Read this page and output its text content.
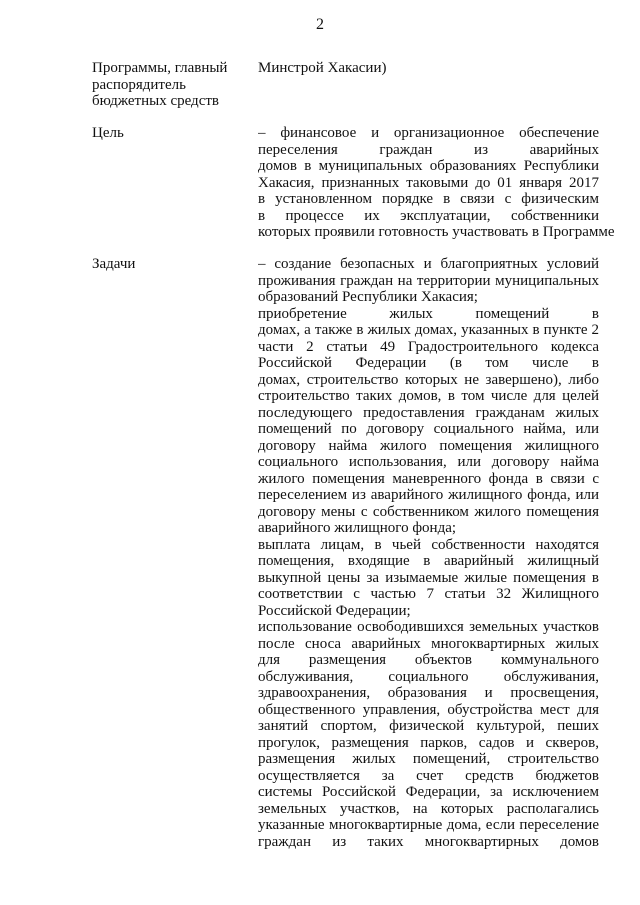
2
Программы, главный
распорядитель
бюджетных средств
Минстрой Хакасии)
Цель	– финансовое и организационное обеспечение
переселения граждан из аварийных
домов в муниципальных образованиях Республики
Хакасия, признанных таковыми до 01 января 2017
в установленном порядке в связи с физическим
в процессе их эксплуатации, собственники
которых проявили готовность участвовать в Программе
Задачи	– создание безопасных и благоприятных условий
проживания граждан на территории муниципальных
образований Республики Хакасия;
приобретение жилых помещений в
домах, а также в жилых домах, указанных в пункте 2
части 2 статьи 49 Градостроительного кодекса
Российской Федерации (в том числе в
домах, строительство которых не завершено), либо
строительство таких домов, в том числе для целей
последующего предоставления гражданам жилых
помещений по договору социального найма, или
договору найма жилого помещения жилищного
социального использования, или договору найма
жилого помещения маневренного фонда в связи с
переселением из аварийного жилищного фонда, или
договору мены с собственником жилого помещения
аварийного жилищного фонда;
выплата лицам, в чьей собственности находятся
помещения, входящие в аварийный жилищный
выкупной цены за изымаемые жилые помещения в
соответствии с частью 7 статьи 32 Жилищного
Российской Федерации;
использование освободившихся земельных участков
после сноса аварийных многоквартирных жилых
для размещения объектов коммунального
обслуживания, социального обслуживания,
здравоохранения, образования и просвещения,
общественного управления, обустройства мест для
занятий спортом, физической культурой, пеших
прогулок, размещения парков, садов и скверов,
размещения жилых помещений, строительство
осуществляется за счет средств бюджетов
системы Российской Федерации, за исключением
земельных участков, на которых располагались
указанные многоквартирные дома, если переселение
граждан из таких многоквартирных домов
